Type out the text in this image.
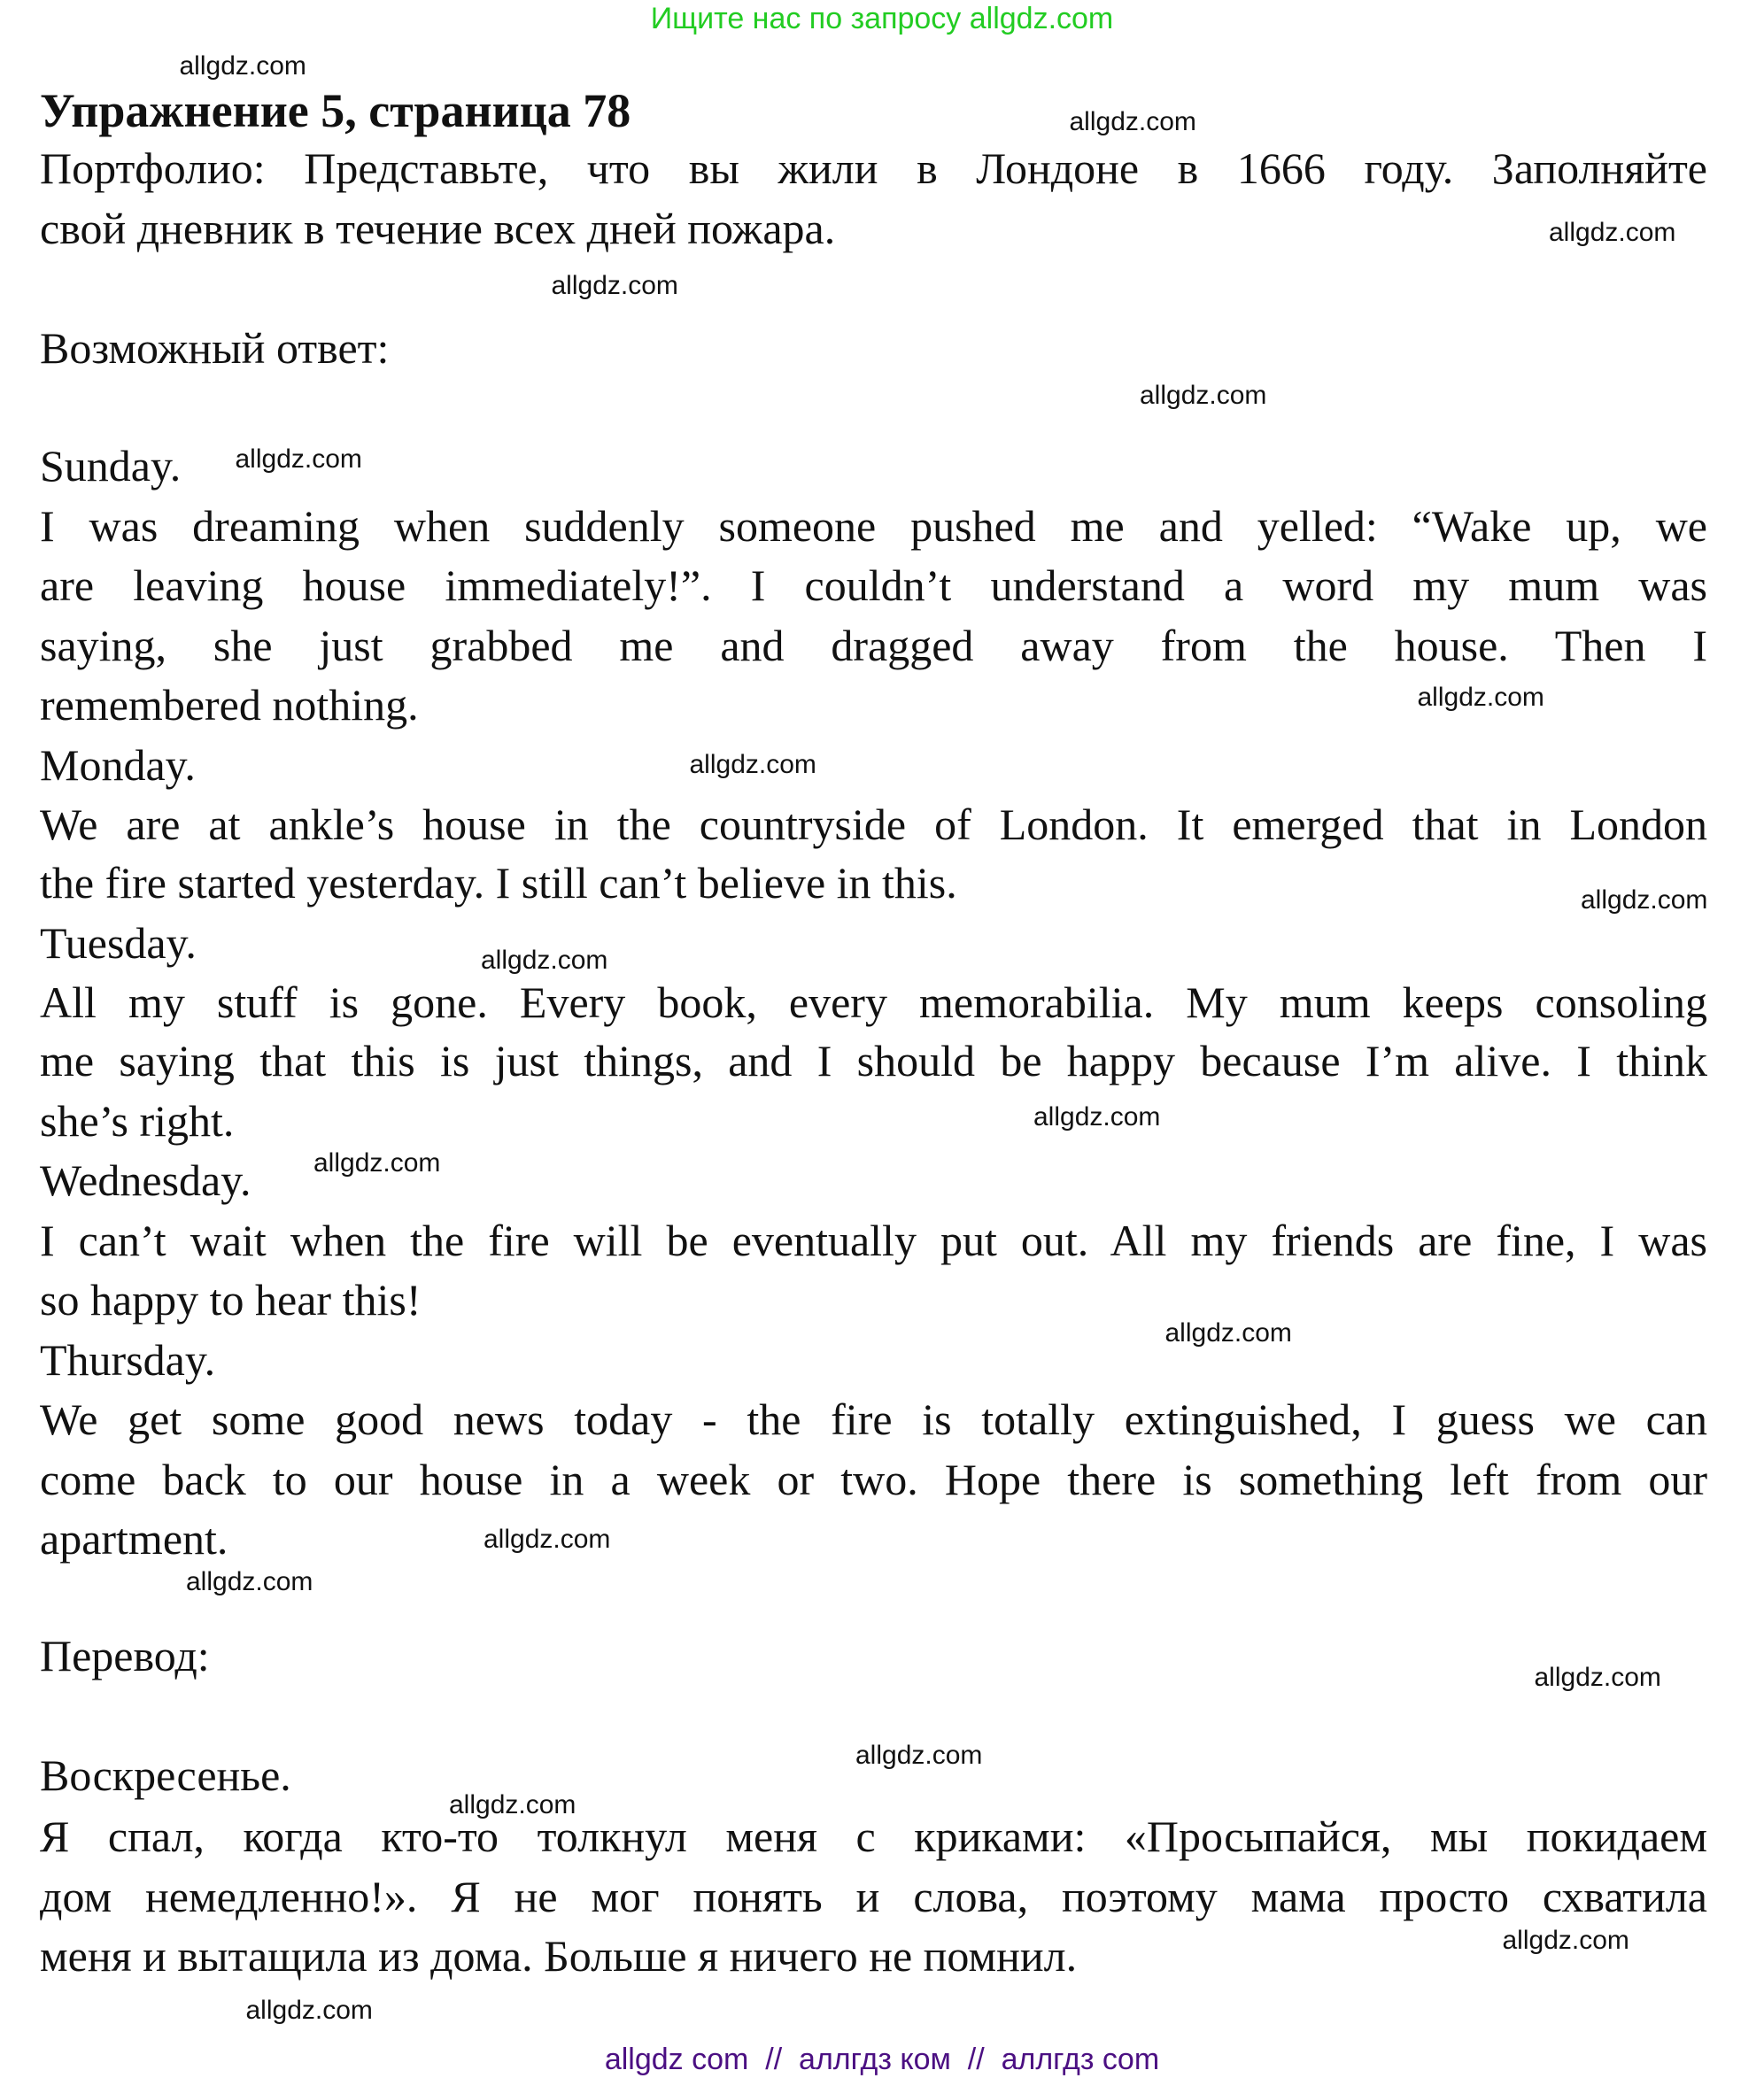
Ищите нас по запросу allgdz.com
Упражнение 5, страница 78
Портфолио: Представьте, что вы жили в Лондоне в 1666 году. Заполняйте
свой дневник в течение всех дней пожара.
Возможный ответ:
Sunday.
I was dreaming when suddenly someone pushed me and yelled: “Wake up, we
are leaving house immediately!”. I couldn’t understand a word my mum was
saying, she just grabbed me and dragged away from the house. Then I
remembered nothing.
Monday.
We are at ankle’s house in the countryside of London. It emerged that in London
the fire started yesterday. I still can’t believe in this.
Tuesday.
All my stuff is gone. Every book, every memorabilia. My mum keeps consoling
me saying that this is just things, and I should be happy because I’m alive. I think
she’s right.
Wednesday.
I can’t wait when the fire will be eventually put out. All my friends are fine, I was
so happy to hear this!
Thursday.
We get some good news today - the fire is totally extinguished, I guess we can
come back to our house in a week or two. Hope there is something left from our
apartment.
Перевод:
Воскресенье.
Я спал, когда кто-то толкнул меня с криками: «Просыпайся, мы покидаем
дом немедленно!». Я не мог понять и слова, поэтому мама просто схватила
меня и вытащила из дома. Больше я ничего не помнил.
allgdz.com
allgdz.com
allgdz.com
allgdz.com
allgdz.com
allgdz.com
allgdz.com
allgdz.com
allgdz.com
allgdz.com
allgdz.com
allgdz.com
allgdz.com
allgdz.com
allgdz.com
allgdz.com
allgdz.com
allgdz.com
allgdz.com
allgdz.com
allgdz com  //  аллгдз ком  //  аллгдз com
